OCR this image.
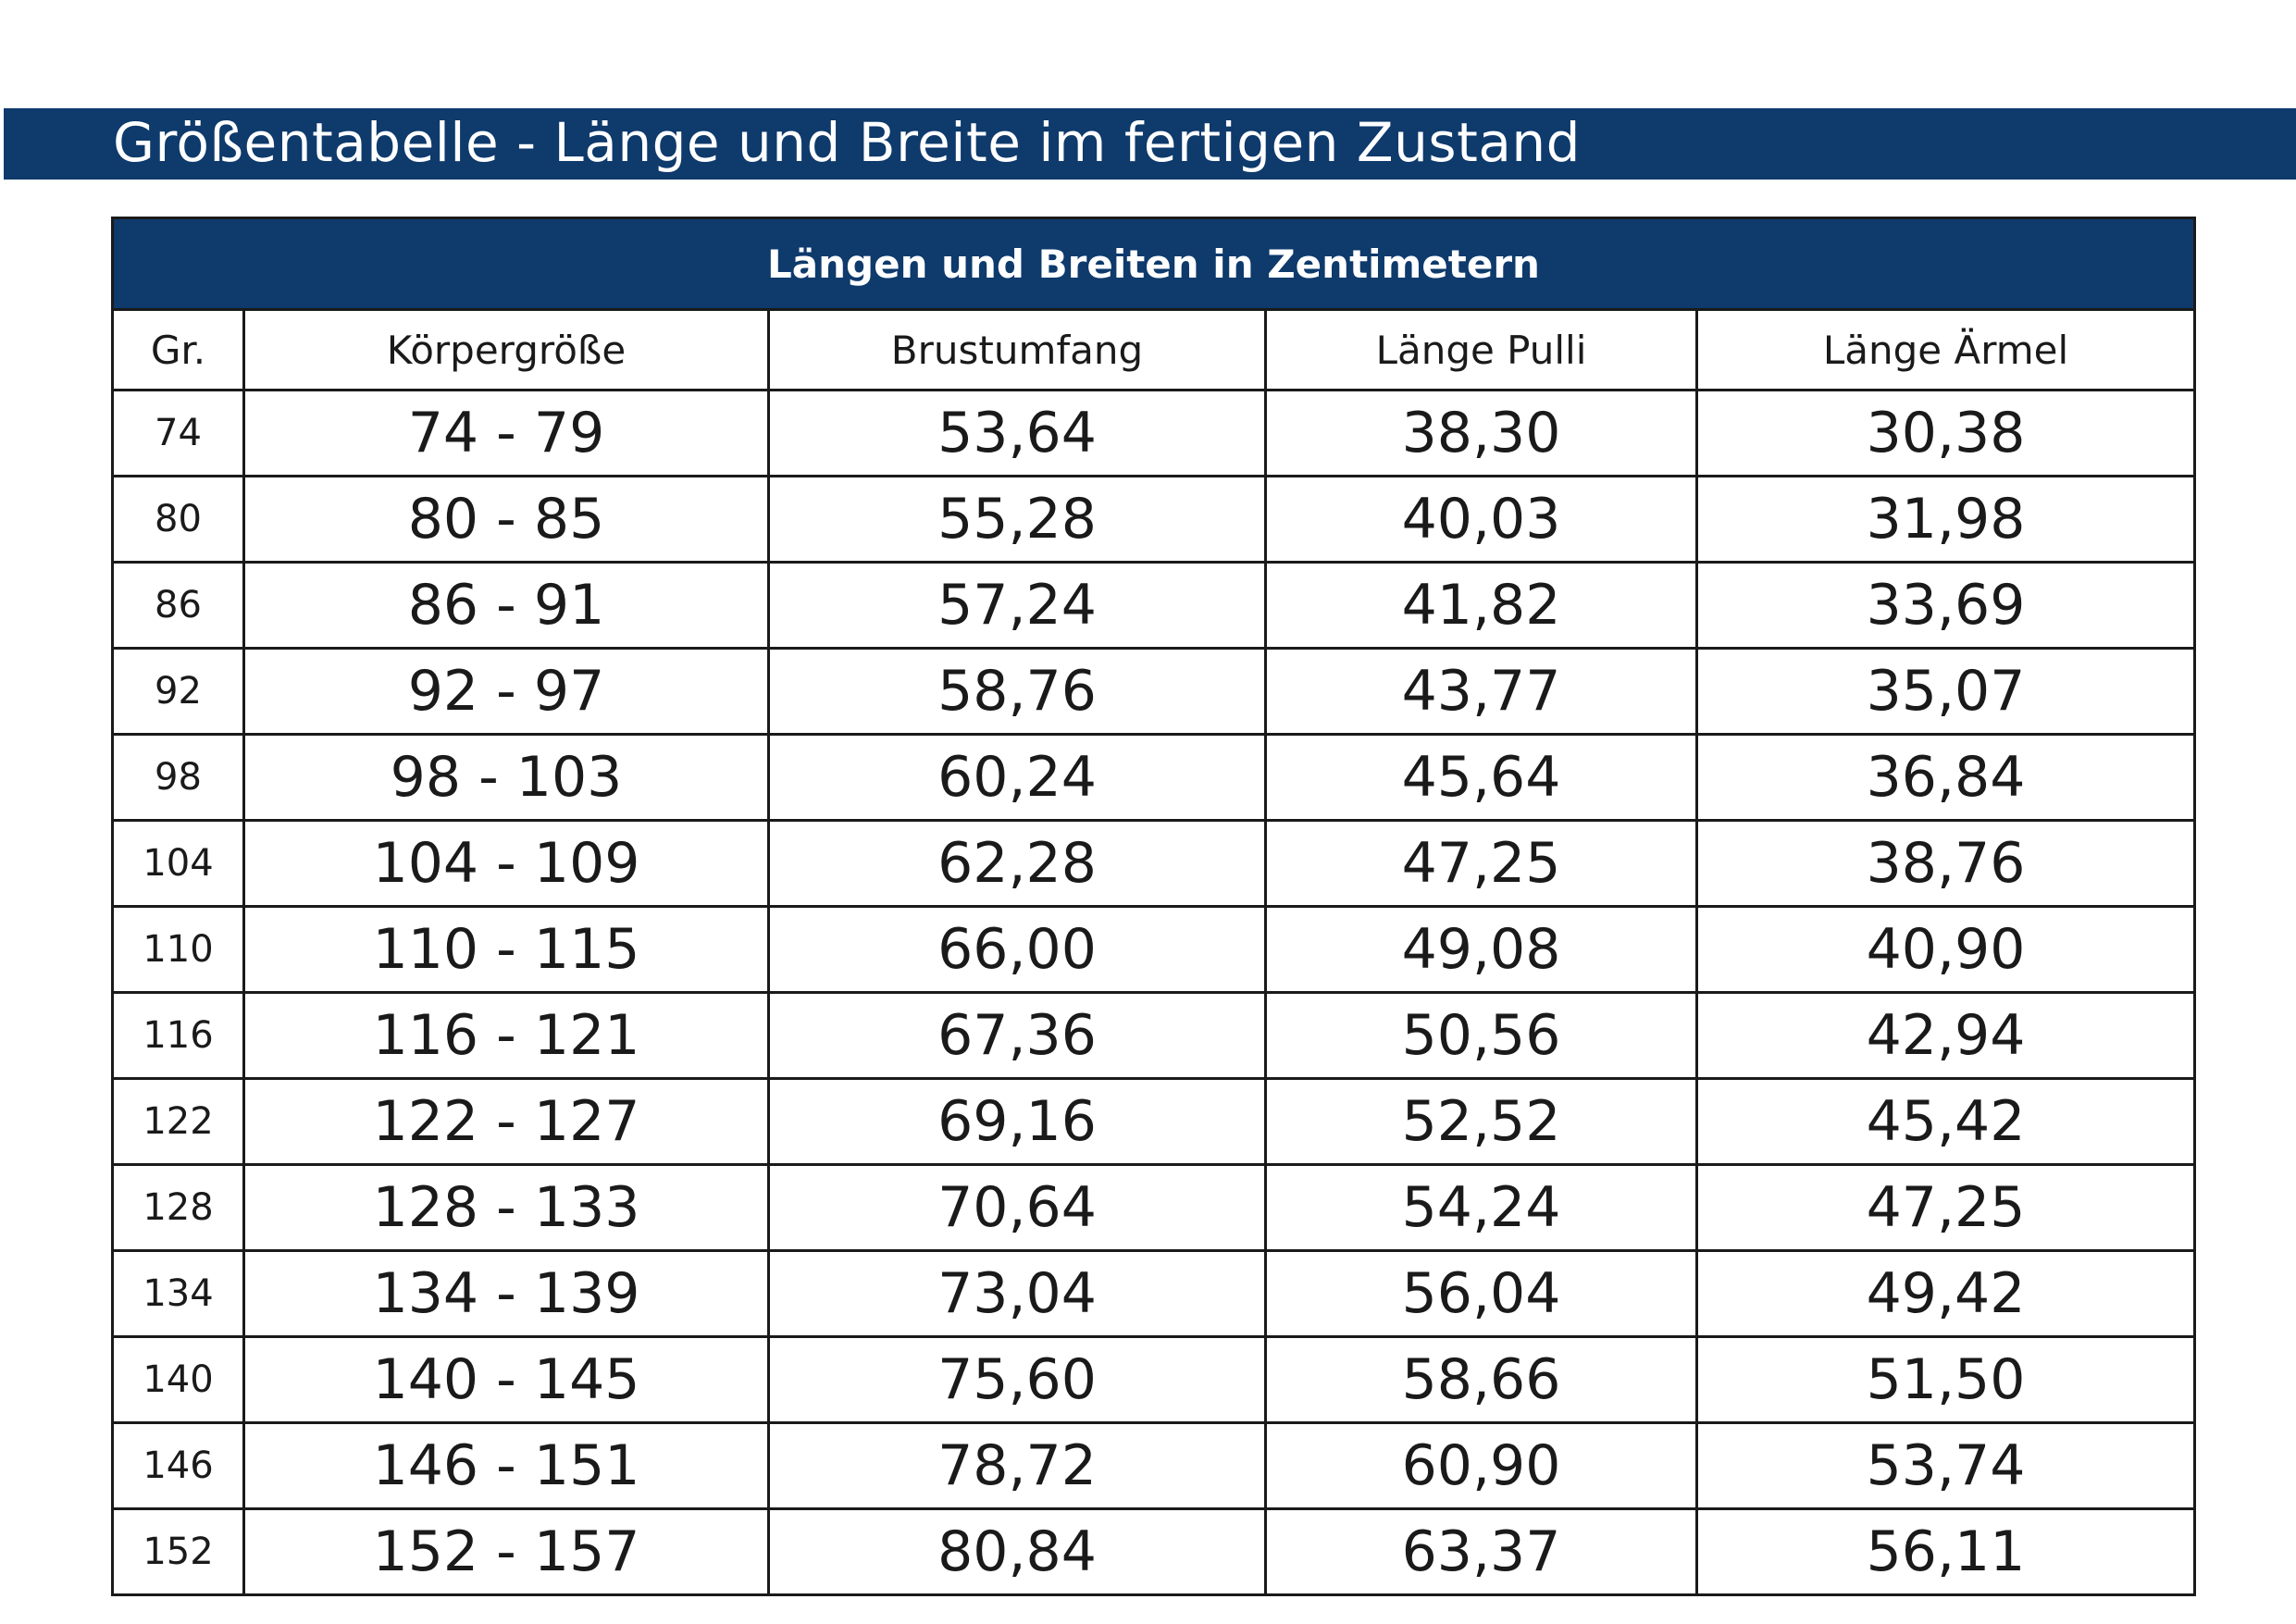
Größentabelle - Länge und Breite im fertigen Zustand
Längen und Breiten in Zentimetern				
Gr.	Körpergröße	Brustumfang	Länge Pulli	Länge Ärmel
74	74 - 79	53,64	38,30	30,38
80	80 - 85	55,28	40,03	31,98
86	86 - 91	57,24	41,82	33,69
92	92 - 97	58,76	43,77	35,07
98	98 - 103	60,24	45,64	36,84
104	104 - 109	62,28	47,25	38,76
110	110 - 115	66,00	49,08	40,90
116	116 - 121	67,36	50,56	42,94
122	122 - 127	69,16	52,52	45,42
128	128 - 133	70,64	54,24	47,25
134	134 - 139	73,04	56,04	49,42
140	140 - 145	75,60	58,66	51,50
146	146 - 151	78,72	60,90	53,74
152	152 - 157	80,84	63,37	56,11
